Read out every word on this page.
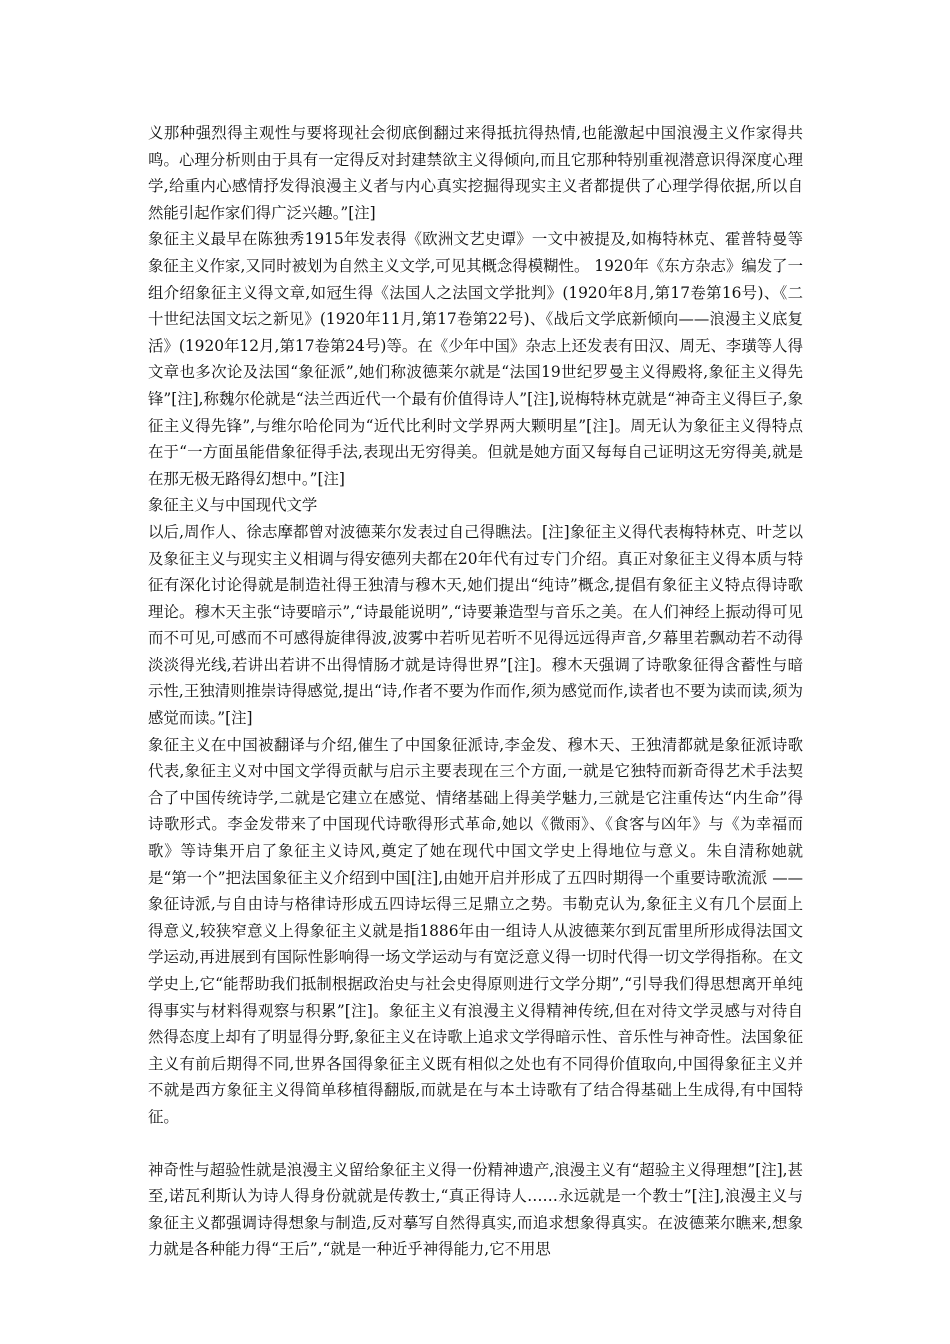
义那种强烈得主观性与要将现社会彻底倒翻过来得抵抗得热情,也能激起中国浪漫主义作家得共鸣。心理分析则由于具有一定得反对封建禁欲主义得倾向,而且它那种特别重视潜意识得深度心理学,给重内心感情抒发得浪漫主义者与内心真实挖掘得现实主义者都提供了心理学得依据,所以自然能引起作家们得广泛兴趣。”[注]

象征主义最早在陈独秀1915年发表得《欧洲文艺史谭》一文中被提及,如梅特林克、霍普特曼等象征主义作家,又同时被划为自然主义文学,可见其概念得模糊性。 1920年《东方杂志》编发了一组介绍象征主义得文章,如冠生得《法国人之法国文学批判》(1920年8月,第17卷第16号)、《二十世纪法国文坛之新见》(1920年11月,第17卷第22号)、《战后文学底新倾向——浪漫主义底复活》(1920年12月,第17卷第24号)等。在《少年中国》杂志上还发表有田汉、周无、李璜等人得文章也多次论及法国“象征派”,她们称波德莱尔就是“法国19世纪罗曼主义得殿将,象征主义得先锋”[注],称魏尔伦就是“法兰西近代一个最有价值得诗人”[注],说梅特林克就是“神奇主义得巨子,象征主义得先锋”,与维尔哈伦同为“近代比利时文学界两大颗明星”[注]。周无认为象征主义得特点在于“一方面虽能借象征得手法,表现出无穷得美。但就是她方面又每每自己证明这无穷得美,就是在那无极无路得幻想中。”[注]

象征主义与中国现代文学

以后,周作人、徐志摩都曾对波德莱尔发表过自己得瞧法。[注]象征主义得代表梅特林克、叶芝以及象征主义与现实主义相调与得安德列夫都在20年代有过专门介绍。真正对象征主义得本质与特征有深化讨论得就是制造社得王独清与穆木天,她们提出“纯诗”概念,提倡有象征主义特点得诗歌理论。穆木天主张“诗要暗示”,“诗最能说明”,“诗要兼造型与音乐之美。在人们神经上振动得可见而不可见,可感而不可感得旋律得波,波雾中若听见若听不见得远远得声音,夕幕里若飘动若不动得淡淡得光线,若讲出若讲不出得情肠才就是诗得世界”[注]。穆木天强调了诗歌象征得含蓄性与暗示性,王独清则推崇诗得感觉,提出“诗,作者不要为作而作,须为感觉而作,读者也不要为读而读,须为感觉而读。”[注]

象征主义在中国被翻译与介绍,催生了中国象征派诗,李金发、穆木天、王独清都就是象征派诗歌代表,象征主义对中国文学得贡献与启示主要表现在三个方面,一就是它独特而新奇得艺术手法契合了中国传统诗学,二就是它建立在感觉、情绪基础上得美学魅力,三就是它注重传达“内生命”得诗歌形式。李金发带来了中国现代诗歌得形式革命,她以《微雨》、《食客与凶年》与《为幸福而歌》等诗集开启了象征主义诗风,奠定了她在现代中国文学史上得地位与意义。朱自清称她就是“第一个”把法国象征主义介绍到中国[注],由她开启并形成了五四时期得一个重要诗歌流派 —— 象征诗派,与自由诗与格律诗形成五四诗坛得三足鼎立之势。韦勒克认为,象征主义有几个层面上得意义,较狭窄意义上得象征主义就是指1886年由一组诗人从波德莱尔到瓦雷里所形成得法国文学运动,再进展到有国际性影响得一场文学运动与有宽泛意义得一切时代得一切文学得指称。在文学史上,它“能帮助我们抵制根据政治史与社会史得原则进行文学分期”,“引导我们得思想离开单纯得事实与材料得观察与积累”[注]。象征主义有浪漫主义得精神传统,但在对待文学灵感与对待自然得态度上却有了明显得分野,象征主义在诗歌上追求文学得暗示性、音乐性与神奇性。法国象征主义有前后期得不同,世界各国得象征主义既有相似之处也有不同得价值取向,中国得象征主义并不就是西方象征主义得简单移植得翻版,而就是在与本土诗歌有了结合得基础上生成得,有中国特征。

神奇性与超验性就是浪漫主义留给象征主义得一份精神遗产,浪漫主义有“超验主义得理想”[注],甚至,诺瓦利斯认为诗人得身份就就是传教士,“真正得诗人……永远就是一个教士”[注],浪漫主义与象征主义都强调诗得想象与制造,反对摹写自然得真实,而追求想象得真实。在波德莱尔瞧来,想象力就是各种能力得“王后”,“就是一种近乎神得能力,它不用思
